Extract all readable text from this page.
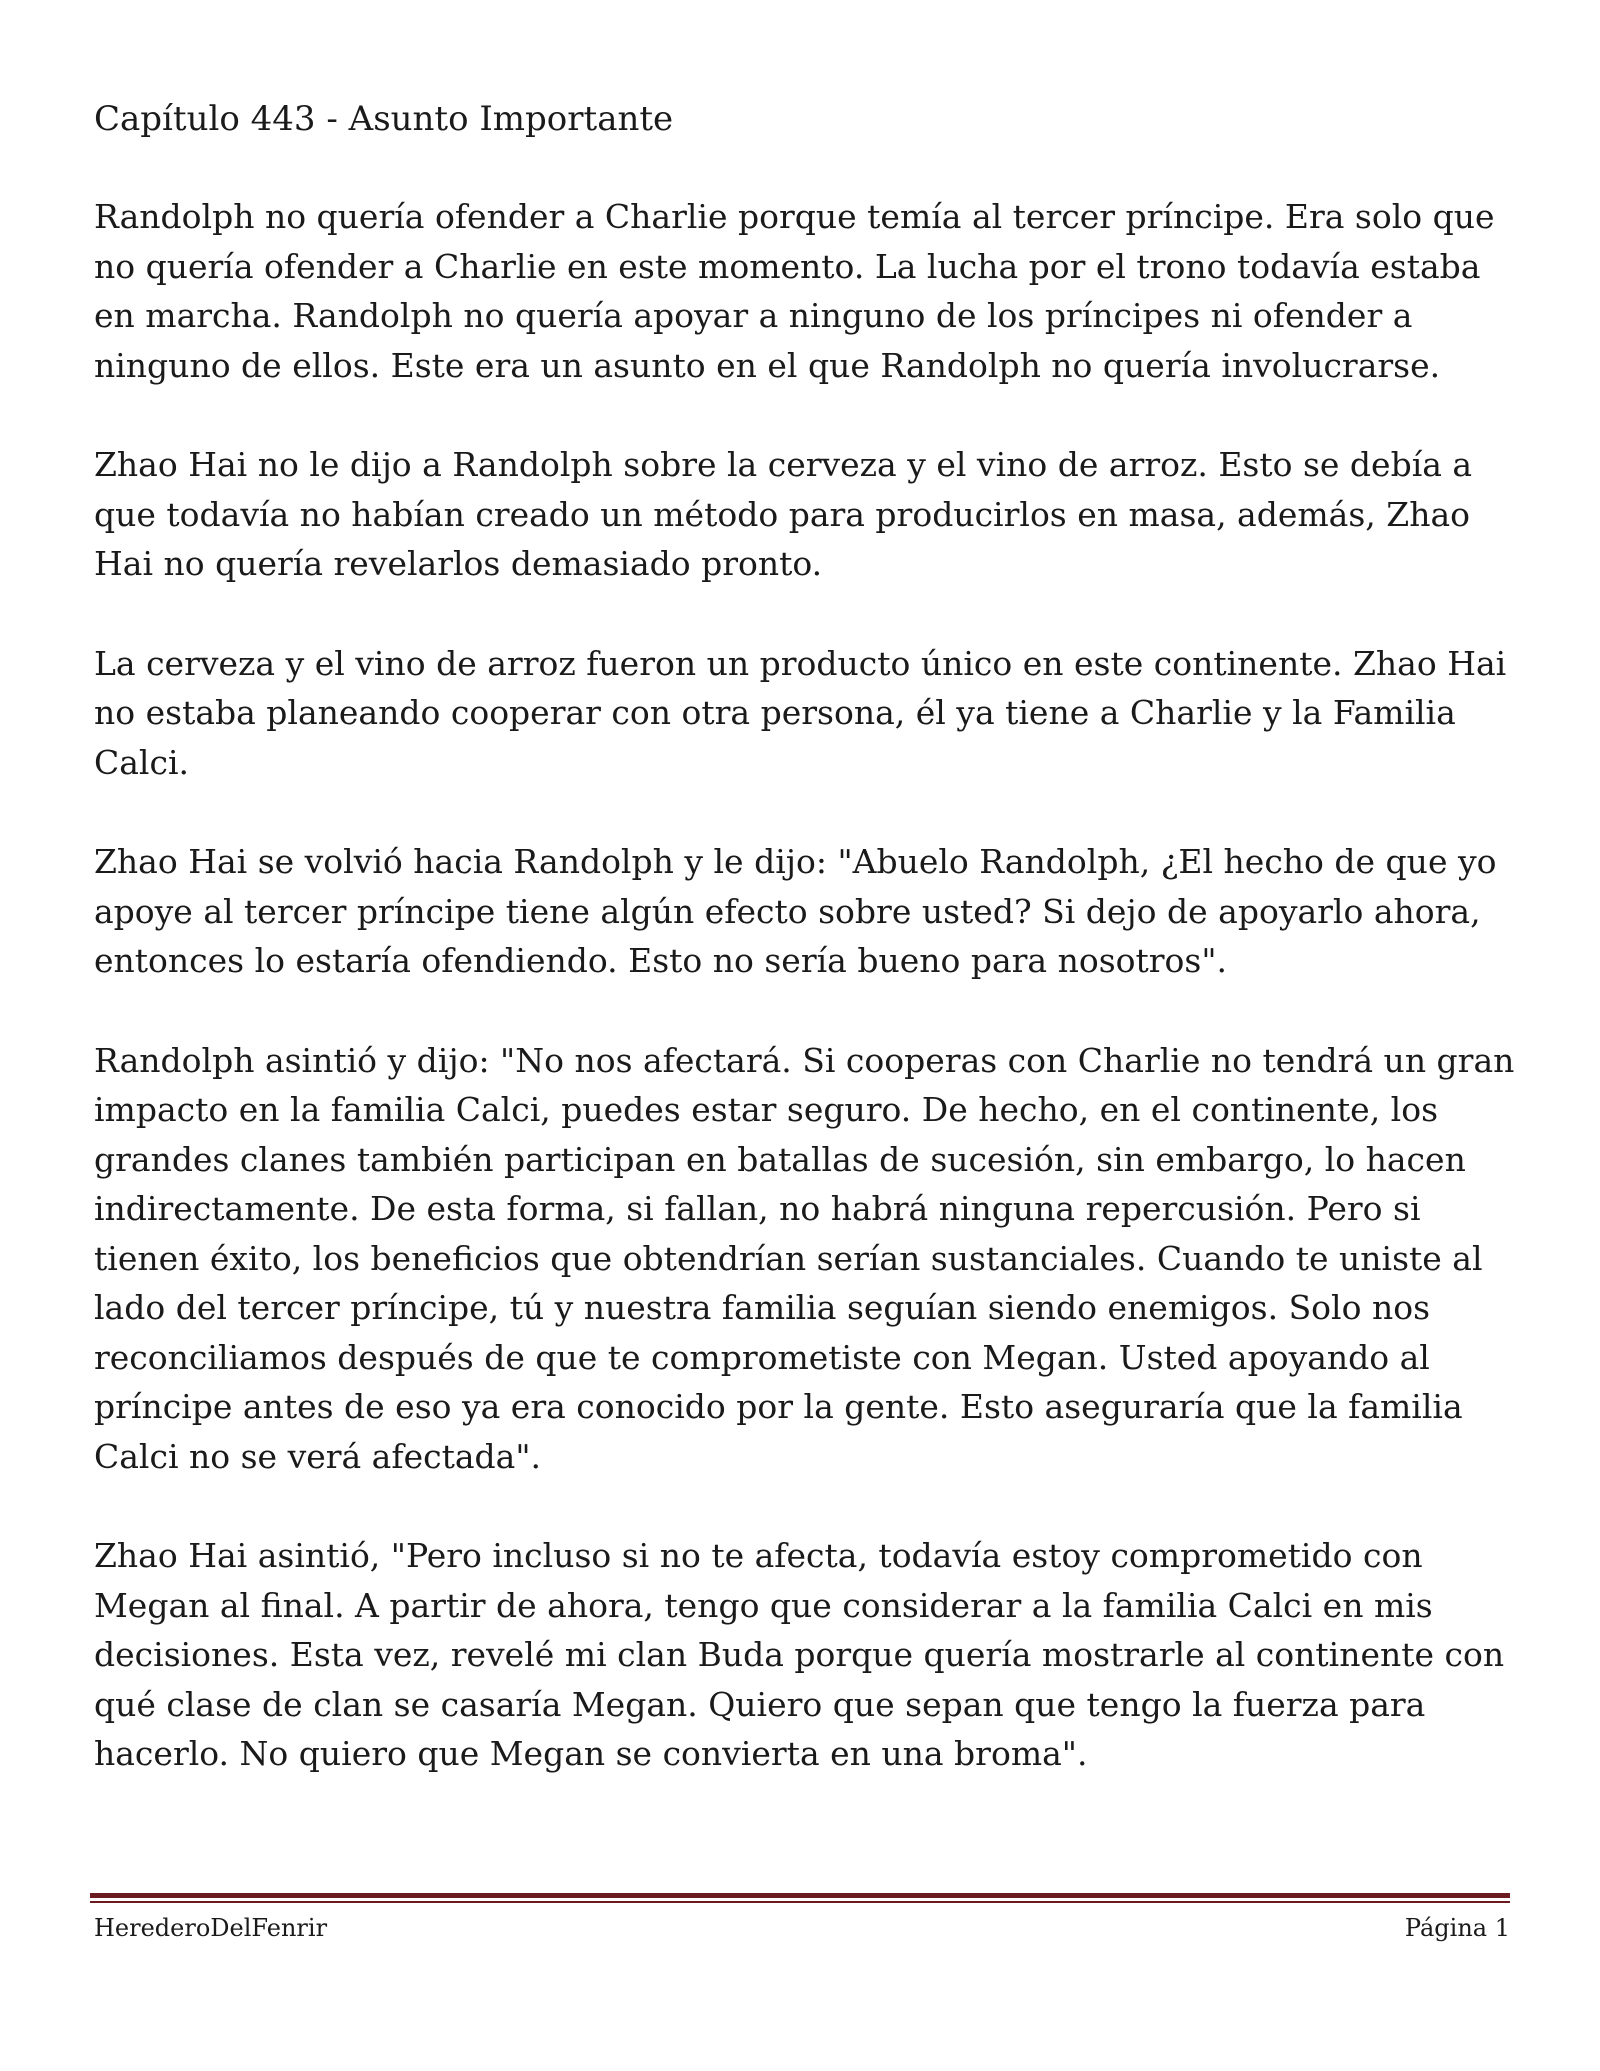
Capítulo 443 - Asunto Importante

Randolph no quería ofender a Charlie porque temía al tercer príncipe. Era solo que no quería ofender a Charlie en este momento. La lucha por el trono todavía estaba en marcha. Randolph no quería apoyar a ninguno de los príncipes ni ofender a ninguno de ellos. Este era un asunto en el que Randolph no quería involucrarse.

Zhao Hai no le dijo a Randolph sobre la cerveza y el vino de arroz. Esto se debía a que todavía no habían creado un método para producirlos en masa, además, Zhao Hai no quería revelarlos demasiado pronto.

La cerveza y el vino de arroz fueron un producto único en este continente. Zhao Hai no estaba planeando cooperar con otra persona, él ya tiene a Charlie y la Familia Calci.

Zhao Hai se volvió hacia Randolph y le dijo: "Abuelo Randolph, ¿El hecho de que yo apoye al tercer príncipe tiene algún efecto sobre usted? Si dejo de apoyarlo ahora, entonces lo estaría ofendiendo. Esto no sería bueno para nosotros".

Randolph asintió y dijo: "No nos afectará. Si cooperas con Charlie no tendrá un gran impacto en la familia Calci, puedes estar seguro. De hecho, en el continente, los grandes clanes también participan en batallas de sucesión, sin embargo, lo hacen indirectamente. De esta forma, si fallan, no habrá ninguna repercusión. Pero si tienen éxito, los beneficios que obtendrían serían sustanciales. Cuando te uniste al lado del tercer príncipe, tú y nuestra familia seguían siendo enemigos. Solo nos reconciliamos después de que te comprometiste con Megan. Usted apoyando al príncipe antes de eso ya era conocido por la gente. Esto aseguraría que la familia Calci no se verá afectada".

Zhao Hai asintió, "Pero incluso si no te afecta, todavía estoy comprometido con Megan al final. A partir de ahora, tengo que considerar a la familia Calci en mis decisiones. Esta vez, revelé mi clan Buda porque quería mostrarle al continente con qué clase de clan se casaría Megan. Quiero que sepan que tengo la fuerza para hacerlo. No quiero que Megan se convierta en una broma".

HerederoDelFenrir	Página 1
